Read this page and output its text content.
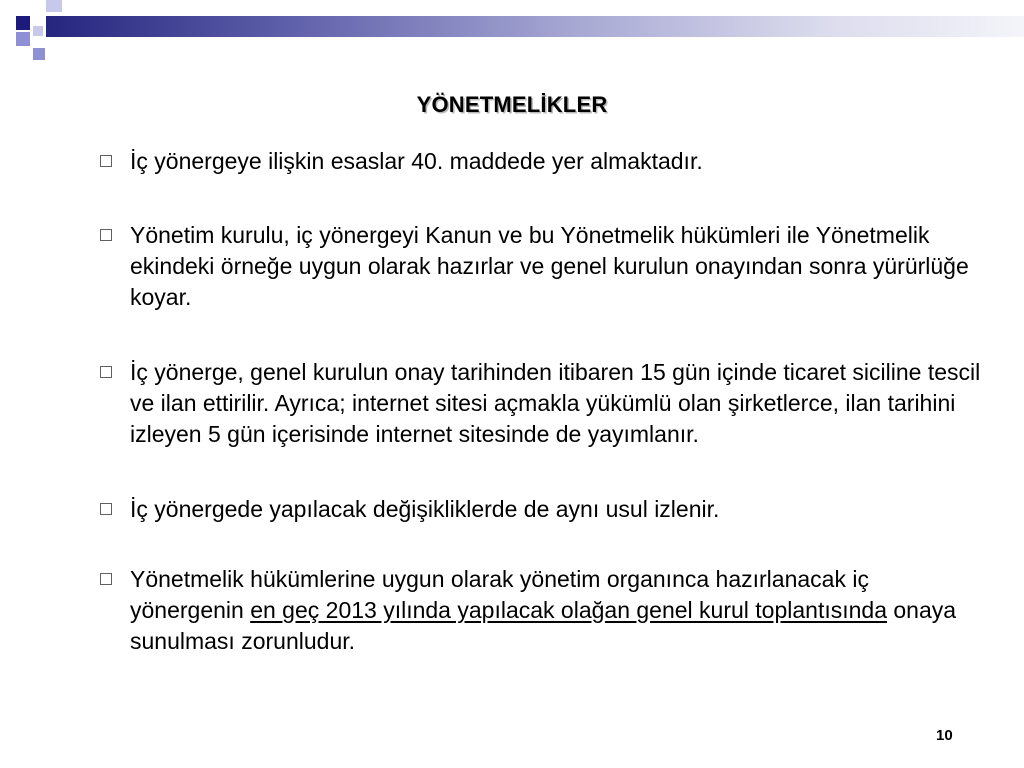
YÖNETMELİKLER
İç yönergeye ilişkin esaslar 40. maddede yer almaktadır.
Yönetim kurulu, iç yönergeyi Kanun ve bu Yönetmelik hükümleri ile Yönetmelik ekindeki örneğe uygun olarak hazırlar ve genel kurulun onayından sonra yürürlüğe koyar.
İç yönerge, genel kurulun onay tarihinden itibaren 15 gün içinde ticaret siciline tescil ve ilan ettirilir. Ayrıca; internet sitesi açmakla yükümlü olan şirketlerce, ilan tarihini izleyen 5 gün içerisinde internet sitesinde de yayımlanır.
İç yönergede yapılacak değişikliklerde de aynı usul izlenir.
Yönetmelik hükümlerine uygun olarak yönetim organınca hazırlanacak iç yönergenin en geç 2013 yılında yapılacak olağan genel kurul toplantısında onaya sunulması zorunludur.
10
